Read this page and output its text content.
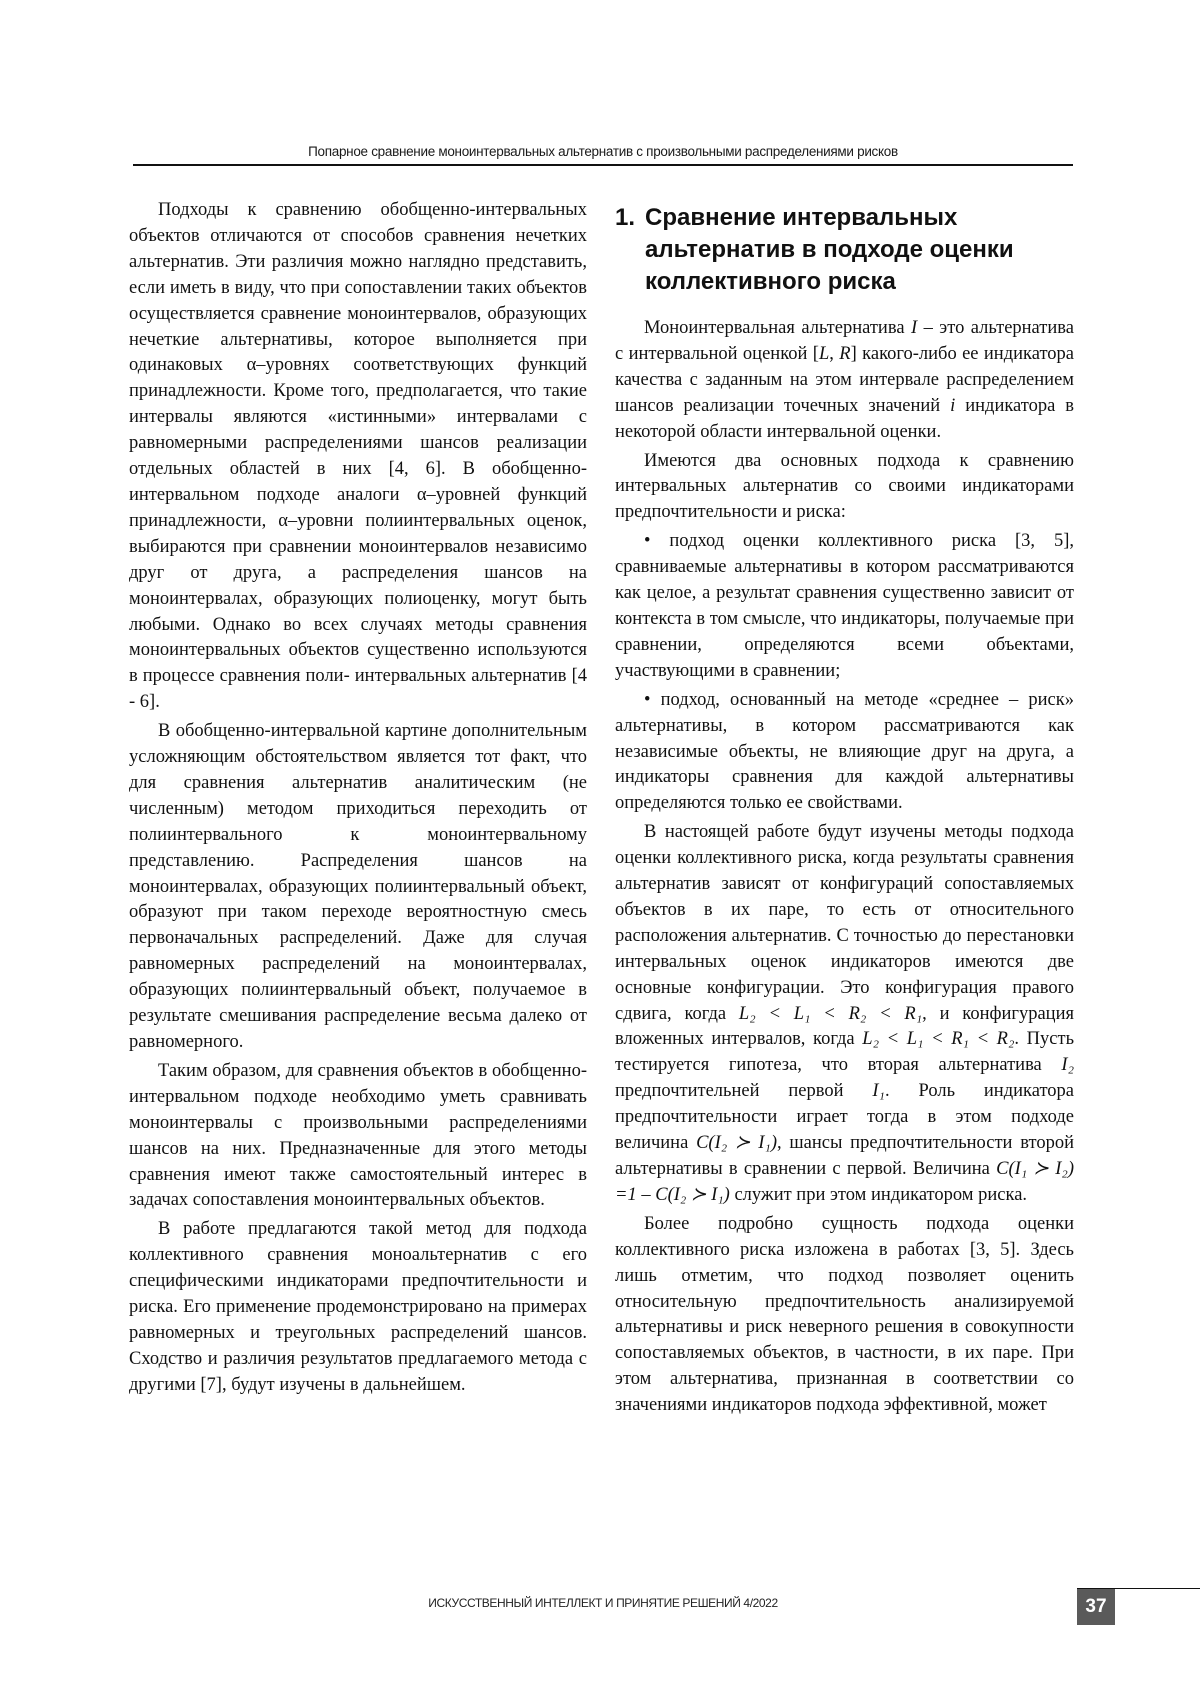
Попарное сравнение моноинтервальных альтернатив с произвольными распределениями рисков

Подходы к сравнению обобщенно-интервальных объектов отличаются от способов сравнения нечетких альтернатив. Эти различия можно наглядно представить, если иметь в виду, что при сопоставлении таких объектов осуществляется сравнение моноинтервалов, образующих нечеткие альтернативы, которое выполняется при одинаковых α–уровнях соответствующих функций принадлежности. Кроме того, предполагается, что такие интервалы являются «истинными» интервалами с равномерными распределениями шансов реализации отдельных областей в них [4, 6]. В обобщенно-интервальном подходе аналоги α–уровней функций принадлежности, α–уровни полиинтервальных оценок, выбираются при сравнении моноинтервалов независимо друг от друга, а распределения шансов на моноинтервалах, образующих полиоценку, могут быть любыми. Однако во всех случаях методы сравнения моноинтервальных объектов существенно используются в процессе сравнения поли- интервальных альтернатив [4 - 6].

В обобщенно-интервальной картине дополнительным усложняющим обстоятельством является тот факт, что для сравнения альтернатив аналитическим (не численным) методом приходиться переходить от полиинтервального к моноинтервальному представлению. Распределения шансов на моноинтервалах, образующих полиинтервальный объект, образуют при таком переходе вероятностную смесь первоначальных распределений. Даже для случая равномерных распределений на моноинтервалах, образующих полиинтервальный объект, получаемое в результате смешивания распределение весьма далеко от равномерного.

Таким образом, для сравнения объектов в обобщенно-интервальном подходе необходимо уметь сравнивать моноинтервалы с произвольными распределениями шансов на них. Предназначенные для этого методы сравнения имеют также самостоятельный интерес в задачах сопоставления моноинтервальных объектов.

В работе предлагаются такой метод для подхода коллективного сравнения моноальтернатив с его специфическими индикаторами предпочтительности и риска. Его применение продемонстрировано на примерах равномерных и треугольных распределений шансов. Сходство и различия результатов предлагаемого метода с другими [7], будут изучены в дальнейшем.

1. Сравнение интервальных альтернатив в подходе оценки коллективного риска

Моноинтервальная альтернатива I – это альтернатива с интервальной оценкой [L, R] какого-либо ее индикатора качества с заданным на этом интервале распределением шансов реализации точечных значений i индикатора в некоторой области интервальной оценки.

Имеются два основных подхода к сравнению интервальных альтернатив со своими индикаторами предпочтительности и риска:

• подход оценки коллективного риска [3, 5], сравниваемые альтернативы в котором рассматриваются как целое, а результат сравнения существенно зависит от контекста в том смысле, что индикаторы, получаемые при сравнении, определяются всеми объектами, участвующими в сравнении;

• подход, основанный на методе «среднее – риск» альтернативы, в котором рассматриваются как независимые объекты, не влияющие друг на друга, а индикаторы сравнения для каждой альтернативы определяются только ее свойствами.

В настоящей работе будут изучены методы подхода оценки коллективного риска, когда результаты сравнения альтернатив зависят от конфигураций сопоставляемых объектов в их паре, то есть от относительного расположения альтернатив. С точностью до перестановки интервальных оценок индикаторов имеются две основные конфигурации. Это конфигурация правого сдвига, когда L₂ < L₁ < R₂ < R₁, и конфигурация вложенных интервалов, когда L₂ < L₁ < R₁ < R₂. Пусть тестируется гипотеза, что вторая альтернатива I₂ предпочтительней первой I₁. Роль индикатора предпочтительности играет тогда в этом подходе величина C(I₂ ≻ I₁), шансы предпочтительности второй альтернативы в сравнении с первой. Величина C(I₁ ≻ I₂) =1 – C(I₂ ≻ I₁) служит при этом индикатором риска.

Более подробно сущность подхода оценки коллективного риска изложена в работах [3, 5]. Здесь лишь отметим, что подход позволяет оценить относительную предпочтительность анализируемой альтернативы и риск неверного решения в совокупности сопоставляемых объектов, в частности, в их паре. При этом альтернатива, признанная в соответствии со значениями индикаторов подхода эффективной, может

ИСКУССТВЕННЫЙ ИНТЕЛЛЕКТ И ПРИНЯТИЕ РЕШЕНИЙ 4/2022	37
